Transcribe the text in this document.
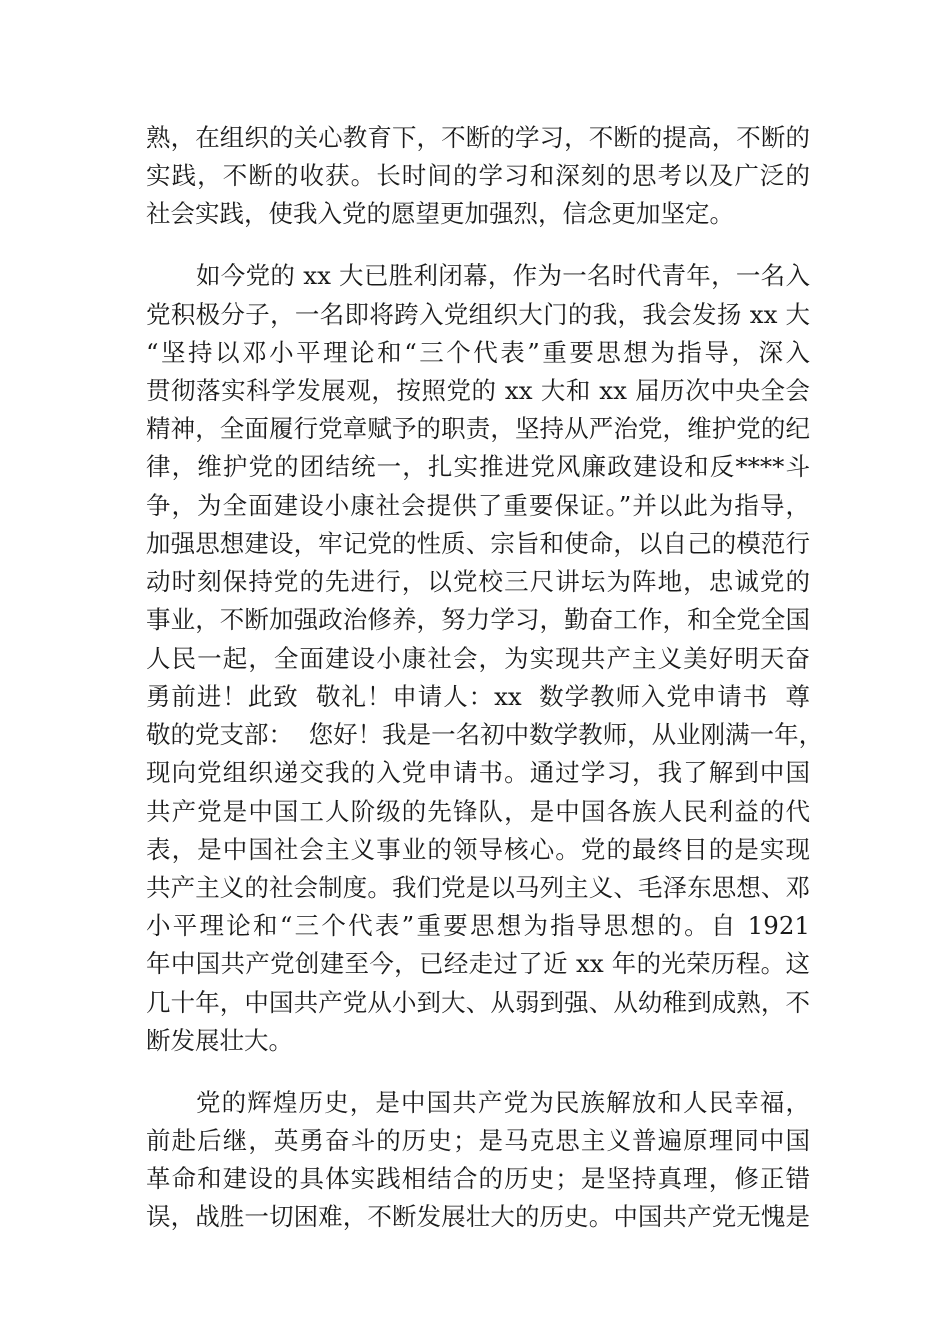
熟，在组织的关心教育下，不断的学习，不断的提高，不断的
实践，不断的收获。长时间的学习和深刻的思考以及广泛的
社会实践，使我入党的愿望更加强烈，信念更加坚定。
如今党的 xx 大已胜利闭幕，作为一名时代青年，一名入
党积极分子，一名即将跨入党组织大门的我，我会发扬 xx 大
“坚持以邓小平理论和“三个代表”重要思想为指导，深入
贯彻落实科学发展观，按照党的 xx 大和 xx 届历次中央全会
精神，全面履行党章赋予的职责，坚持从严治党，维护党的纪
律，维护党的团结统一，扎实推进党风廉政建设和反****斗
争，为全面建设小康社会提供了重要保证。”并以此为指导，
加强思想建设，牢记党的性质、宗旨和使命，以自己的模范行
动时刻保持党的先进行，以党校三尺讲坛为阵地，忠诚党的
事业，不断加强政治修养，努力学习，勤奋工作，和全党全国
人民一起，全面建设小康社会，为实现共产主义美好明天奋
勇前进！此致  敬礼！申请人：xx  数学教师入党申请书  尊
敬的党支部：  您好！我是一名初中数学教师，从业刚满一年，
现向党组织递交我的入党申请书。通过学习，我了解到中国
共产党是中国工人阶级的先锋队，是中国各族人民利益的代
表，是中国社会主义事业的领导核心。党的最终目的是实现
共产主义的社会制度。我们党是以马列主义、毛泽东思想、邓
小平理论和“三个代表”重要思想为指导思想的。自 1921
年中国共产党创建至今，已经走过了近 xx 年的光荣历程。这
几十年，中国共产党从小到大、从弱到强、从幼稚到成熟，不
断发展壮大。
党的辉煌历史，是中国共产党为民族解放和人民幸福，
前赴后继，英勇奋斗的历史；是马克思主义普遍原理同中国
革命和建设的具体实践相结合的历史；是坚持真理，修正错
误，战胜一切困难，不断发展壮大的历史。中国共产党无愧是
